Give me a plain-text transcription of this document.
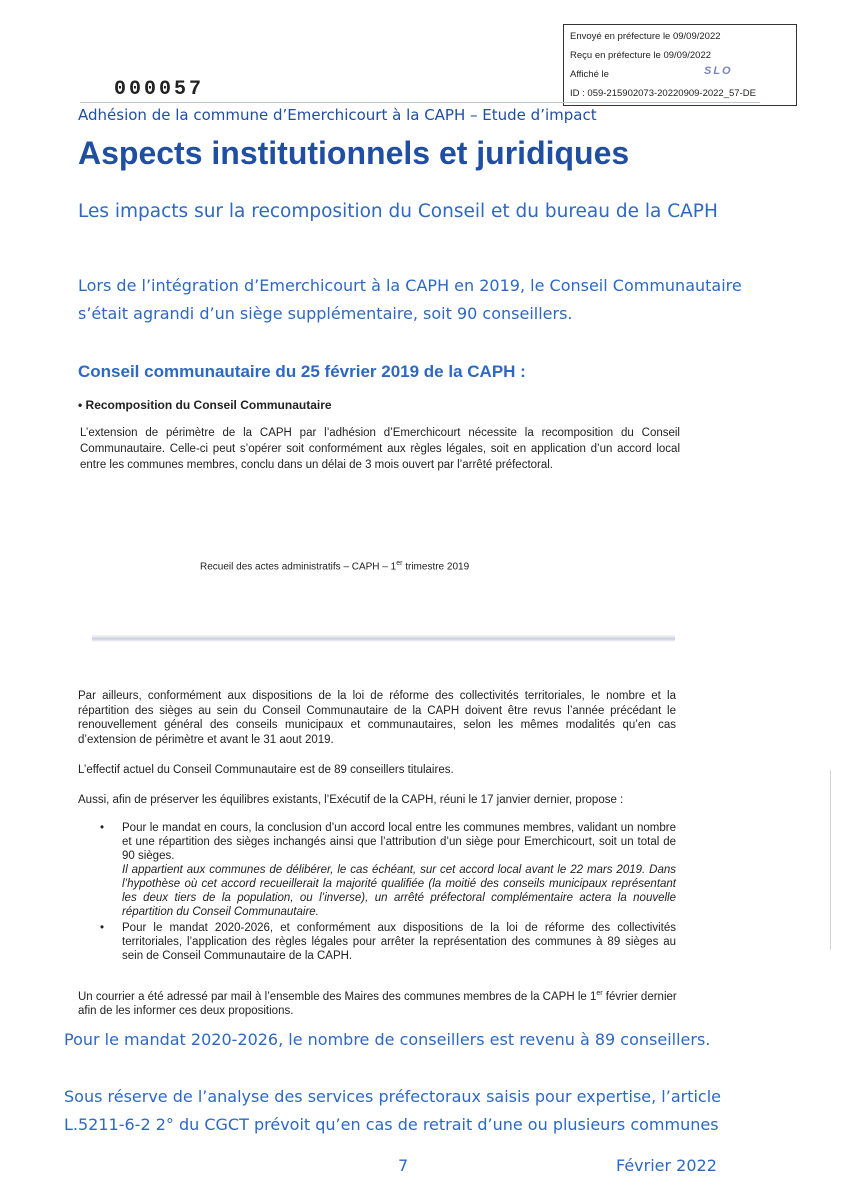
Envoyé en préfecture le 09/09/2022
Reçu en préfecture le 09/09/2022
Affiché le	SLO
ID : 059-215902073-20220909-2022_57-DE
000057
Adhésion de la commune d’Emerchicourt à la CAPH – Etude d’impact
Aspects institutionnels et juridiques
Les impacts sur la recomposition du Conseil et du bureau de la CAPH
Lors de l’intégration d’Emerchicourt à la CAPH en 2019, le Conseil Communautaire s’était agrandi d’un siège supplémentaire, soit 90 conseillers.
Conseil communautaire du 25 février 2019 de la CAPH :
• Recomposition du Conseil Communautaire
L’extension de périmètre de la CAPH par l’adhésion d’Emerchicourt nécessite la recomposition du Conseil Communautaire. Celle-ci peut s’opérer soit conformément aux règles légales, soit en application d’un accord local entre les communes membres, conclu dans un délai de 3 mois ouvert par l’arrêté préfectoral.
Recueil des actes administratifs – CAPH – 1er trimestre 2019
Par ailleurs, conformément aux dispositions de la loi de réforme des collectivités territoriales, le nombre et la répartition des sièges au sein du Conseil Communautaire de la CAPH doivent être revus l’année précédant le renouvellement général des conseils municipaux et communautaires, selon les mêmes modalités qu’en cas d’extension de périmètre et avant le 31 aout 2019.
L’effectif actuel du Conseil Communautaire est de 89 conseillers titulaires.
Aussi, afin de préserver les équilibres existants, l’Exécutif de la CAPH, réuni le 17 janvier dernier, propose :
• Pour le mandat en cours, la conclusion d’un accord local entre les communes membres, validant un nombre et une répartition des sièges inchangés ainsi que l’attribution d’un siège pour Emerchicourt, soit un total de 90 sièges.
Il appartient aux communes de délibérer, le cas échéant, sur cet accord local avant le 22 mars 2019. Dans l’hypothèse où cet accord recueillerait la majorité qualifiée (la moitié des conseils municipaux représentant les deux tiers de la population, ou l’inverse), un arrêté préfectoral complémentaire actera la nouvelle répartition du Conseil Communautaire.
• Pour le mandat 2020-2026, et conformément aux dispositions de la loi de réforme des collectivités territoriales, l’application des règles légales pour arrêter la représentation des communes à 89 sièges au sein de Conseil Communautaire de la CAPH.
Un courrier a été adressé par mail à l’ensemble des Maires des communes membres de la CAPH le 1er février dernier afin de les informer ces deux propositions.
Pour le mandat 2020-2026, le nombre de conseillers est revenu à 89 conseillers.
Sous réserve de l’analyse des services préfectoraux saisis pour expertise, l’article L.5211-6-2 2° du CGCT prévoit qu’en cas de retrait d’une ou plusieurs communes
7	Février 2022
